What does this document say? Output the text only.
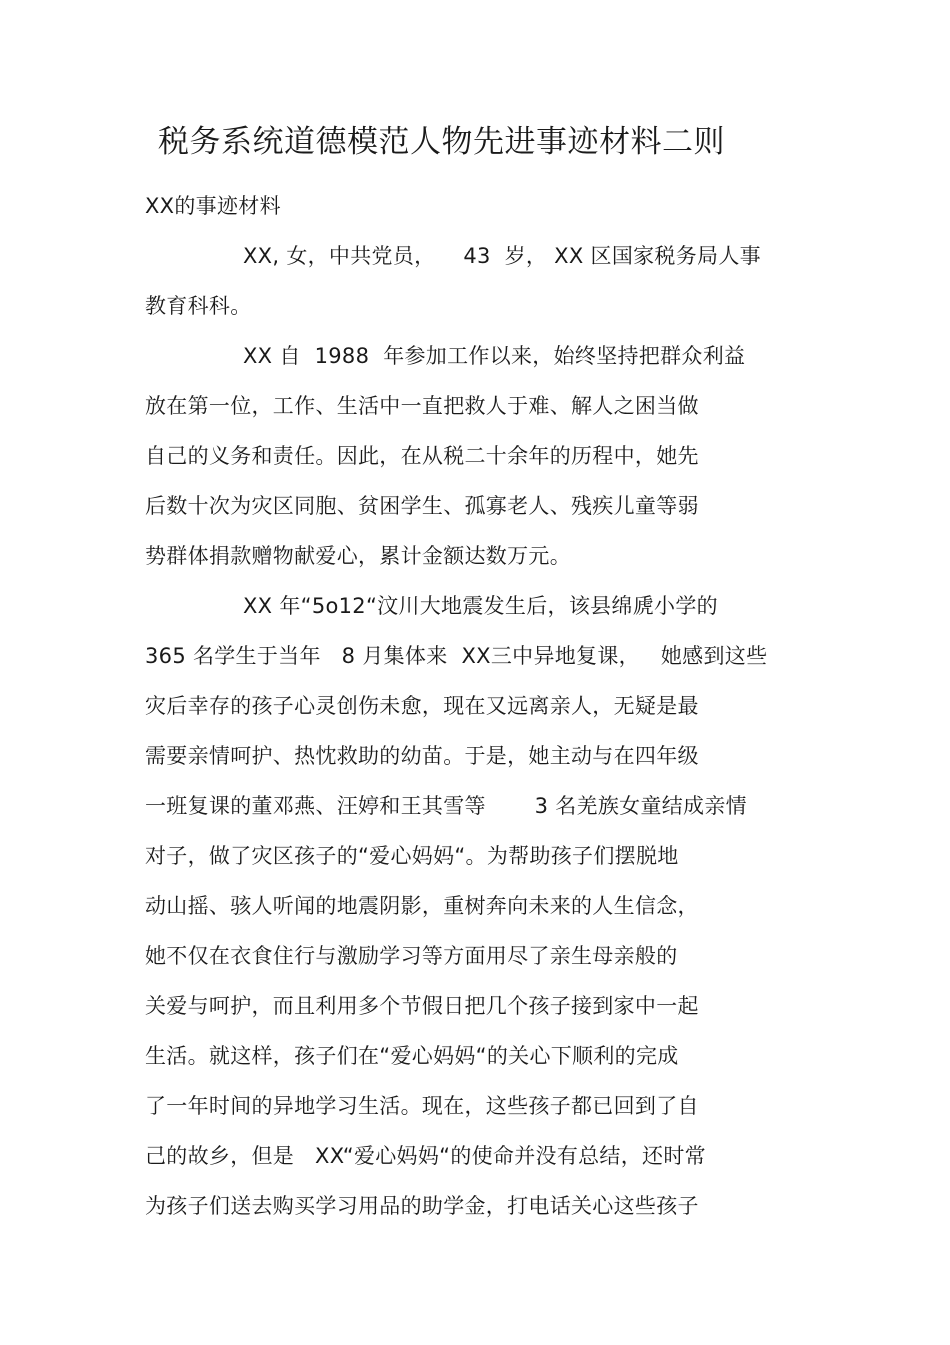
税务系统道德模范人物先进事迹材料二则
XX的事迹材料
XX, 女，中共党员，    43  岁， XX 区国家税务局人事
教育科科。
XX 自  1988  年参加工作以来，始终坚持把群众利益
放在第一位，工作、生活中一直把救人于难、解人之困当做
自己的义务和责任。因此，在从税二十余年的历程中，她先
后数十次为灾区同胞、贫困学生、孤寡老人、残疾儿童等弱
势群体捐款赠物献爱心，累计金额达数万元。
XX 年“5o12“汶川大地震发生后，该县绵虒小学的
365 名学生于当年   8 月集体来  XX三中异地复课，   她感到这些
灾后幸存的孩子心灵创伤未愈，现在又远离亲人，无疑是最
需要亲情呵护、热忱救助的幼苗。于是，她主动与在四年级
一班复课的董邓燕、汪婷和王其雪等       3 名羌族女童结成亲情
对子，做了灾区孩子的“爱心妈妈“。为帮助孩子们摆脱地
动山摇、骇人听闻的地震阴影，重树奔向未来的人生信念，
她不仅在衣食住行与激励学习等方面用尽了亲生母亲般的
关爱与呵护，而且利用多个节假日把几个孩子接到家中一起
生活。就这样，孩子们在“爱心妈妈“的关心下顺利的完成
了一年时间的异地学习生活。现在，这些孩子都已回到了自
己的故乡，但是   XX“爱心妈妈“的使命并没有总结，还时常
为孩子们送去购买学习用品的助学金，打电话关心这些孩子
